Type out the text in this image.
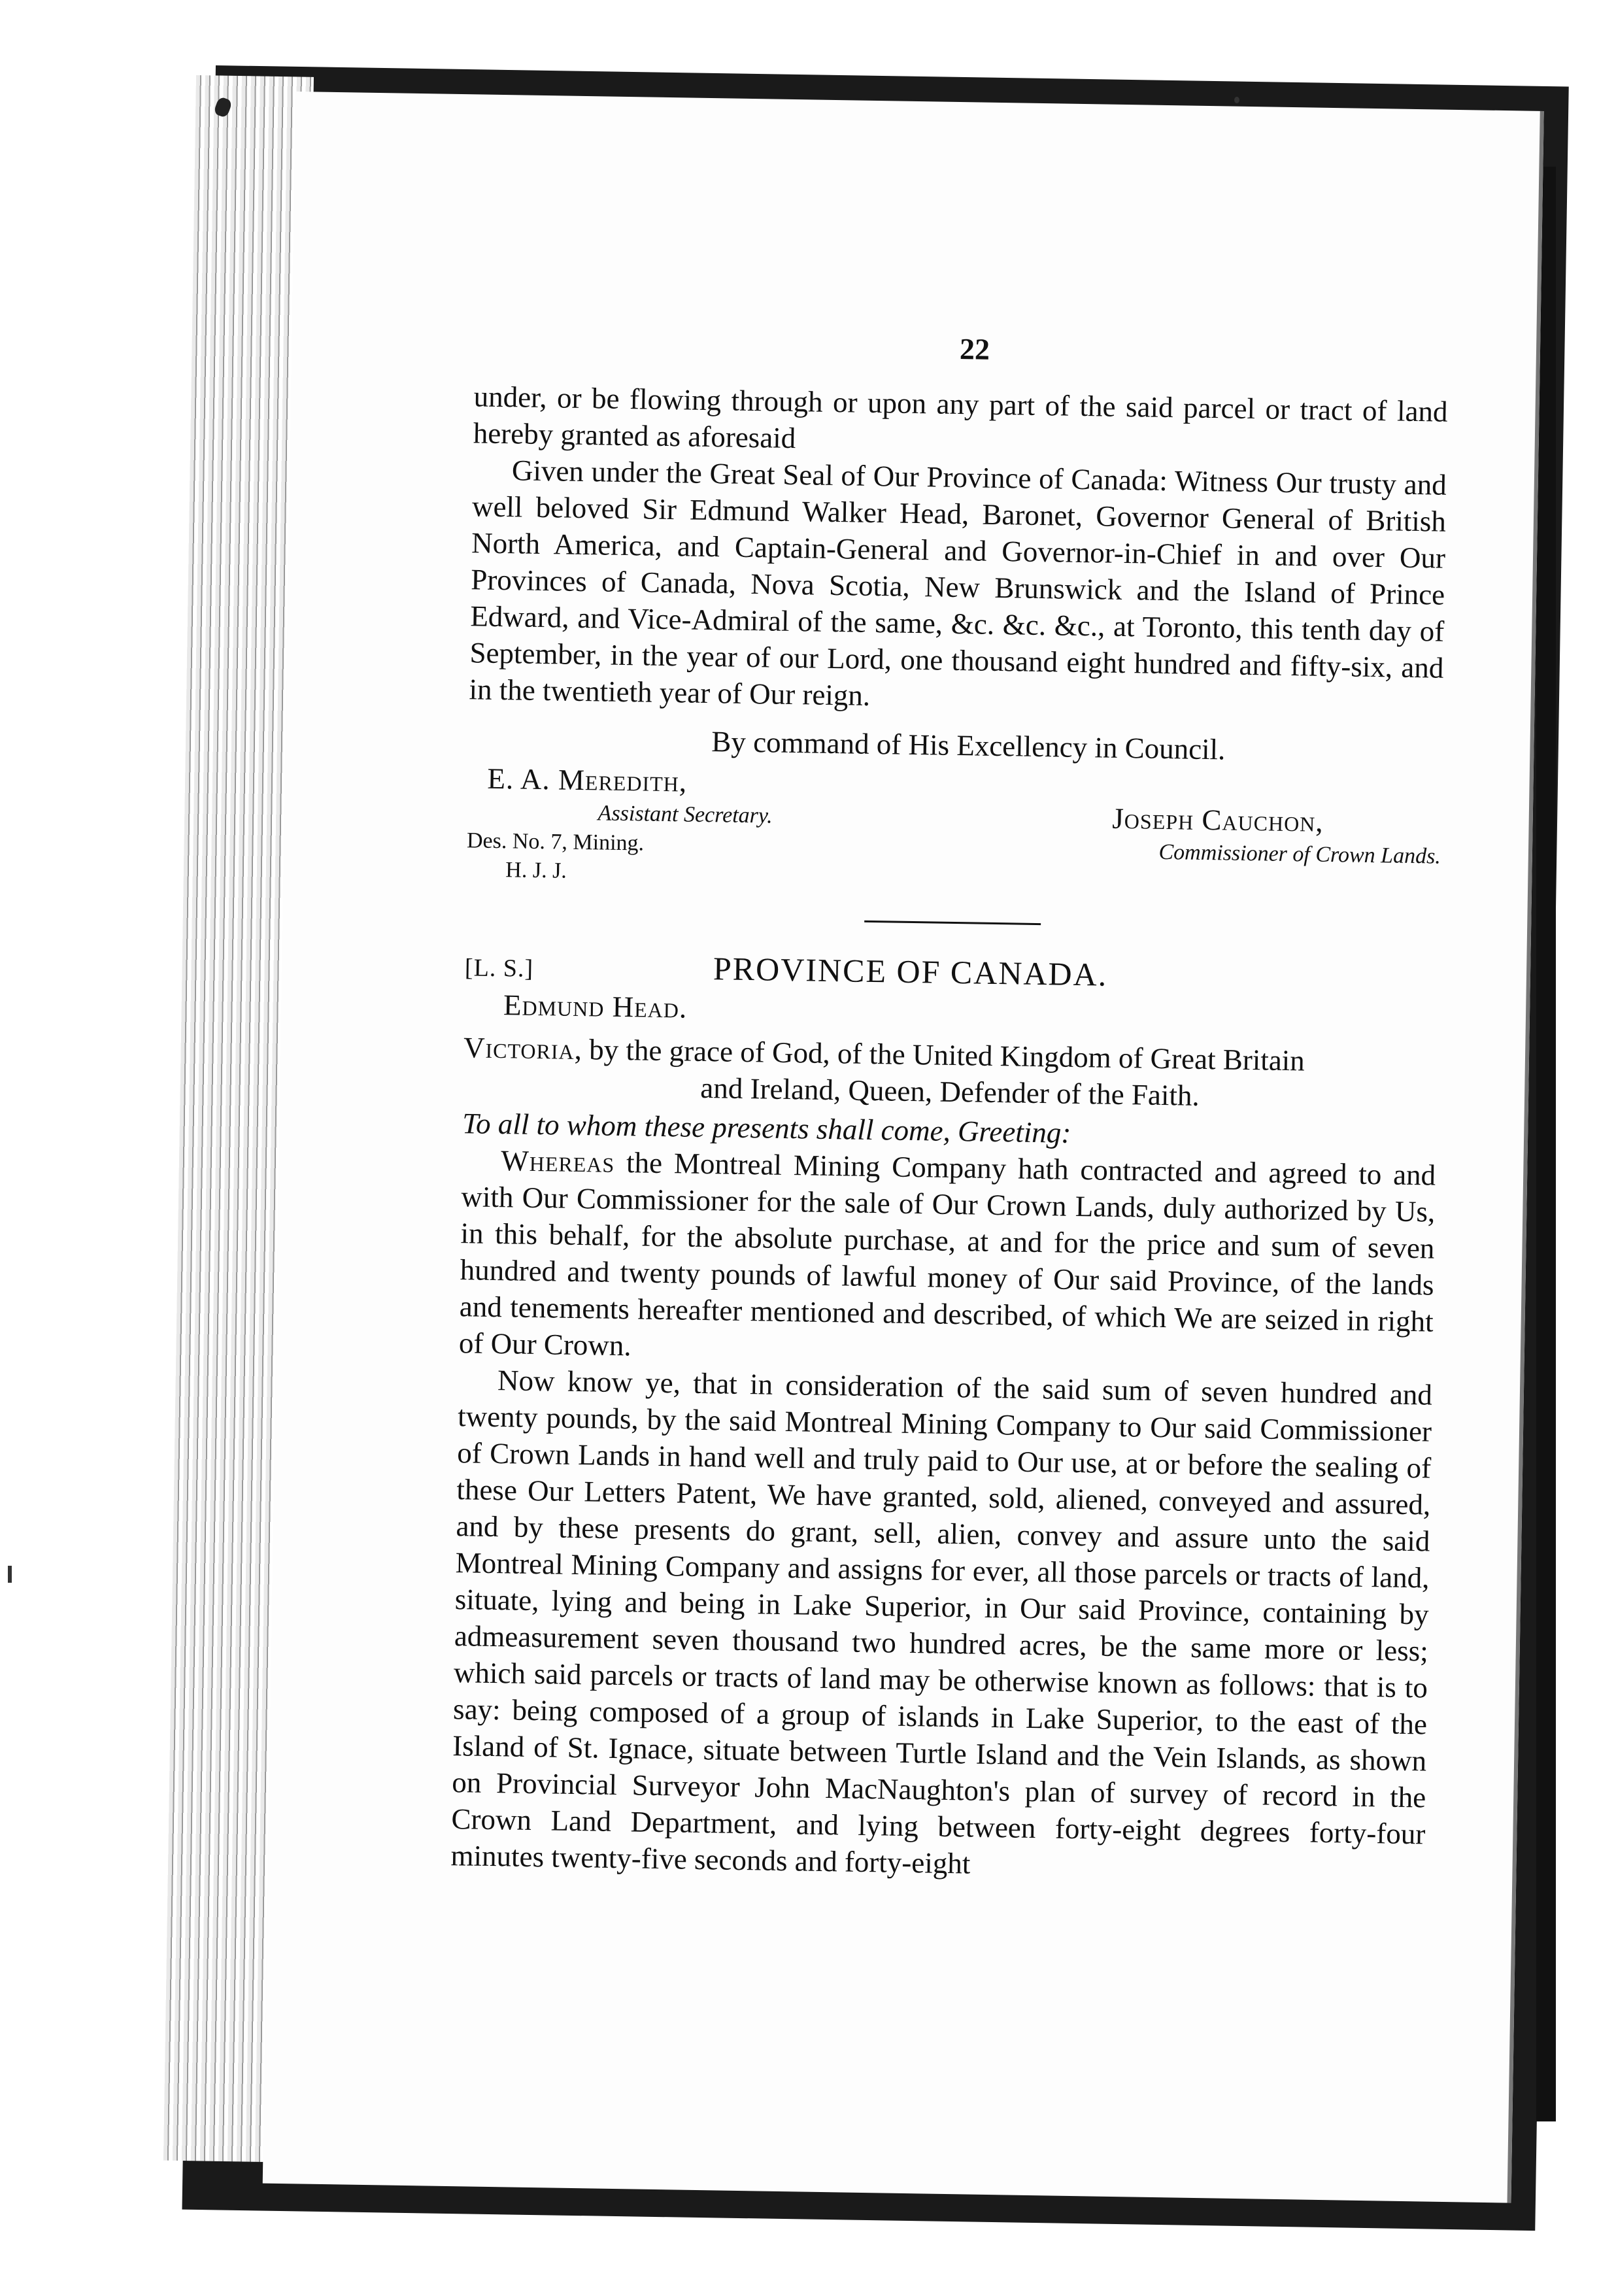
22

under, or be flowing through or upon any part of the said parcel or tract of land hereby granted as aforesaid

Given under the Great Seal of Our Province of Canada: Witness Our trusty and well beloved Sir Edmund Walker Head, Baronet, Governor General of British North America, and Captain-General and Governor-in-Chief in and over Our Provinces of Canada, Nova Scotia, New Brunswick and the Island of Prince Edward, and Vice-Admiral of the same, &c. &c. &c., at Toronto, this tenth day of September, in the year of our Lord, one thousand eight hundred and fifty-six, and in the twentieth year of Our reign.

By command of His Excellency in Council.

E. A. Meredith,
Assistant Secretary.
Des. No. 7, Mining.
H. J. J.
Joseph Cauchon,
Commissioner of Crown Lands.
[L. S.]	PROVINCE OF CANADA.
Edmund Head.

Victoria, by the grace of God, of the United Kingdom of Great Britain

and Ireland, Queen, Defender of the Faith.

To all to whom these presents shall come, Greeting:

Whereas the Montreal Mining Company hath contracted and agreed to and with Our Commissioner for the sale of Our Crown Lands, duly authorized by Us, in this behalf, for the absolute purchase, at and for the price and sum of seven hundred and twenty pounds of lawful money of Our said Province, of the lands and tenements hereafter mentioned and described, of which We are seized in right of Our Crown.

Now know ye, that in consideration of the said sum of seven hundred and twenty pounds, by the said Montreal Mining Company to Our said Commissioner of Crown Lands in hand well and truly paid to Our use, at or before the sealing of these Our Letters Patent, We have granted, sold, aliened, conveyed and assured, and by these presents do grant, sell, alien, convey and assure unto the said Montreal Mining Company and assigns for ever, all those parcels or tracts of land, situate, lying and being in Lake Superior, in Our said Province, containing by admeasurement seven thousand two hundred acres, be the same more or less; which said parcels or tracts of land may be otherwise known as follows: that is to say: being composed of a group of islands in Lake Superior, to the east of the Island of St. Ignace, situate between Turtle Island and the Vein Islands, as shown on Provincial Surveyor John MacNaughton's plan of survey of record in the Crown Land Department, and lying between forty-eight degrees forty-four minutes twenty-five seconds and forty-eight
